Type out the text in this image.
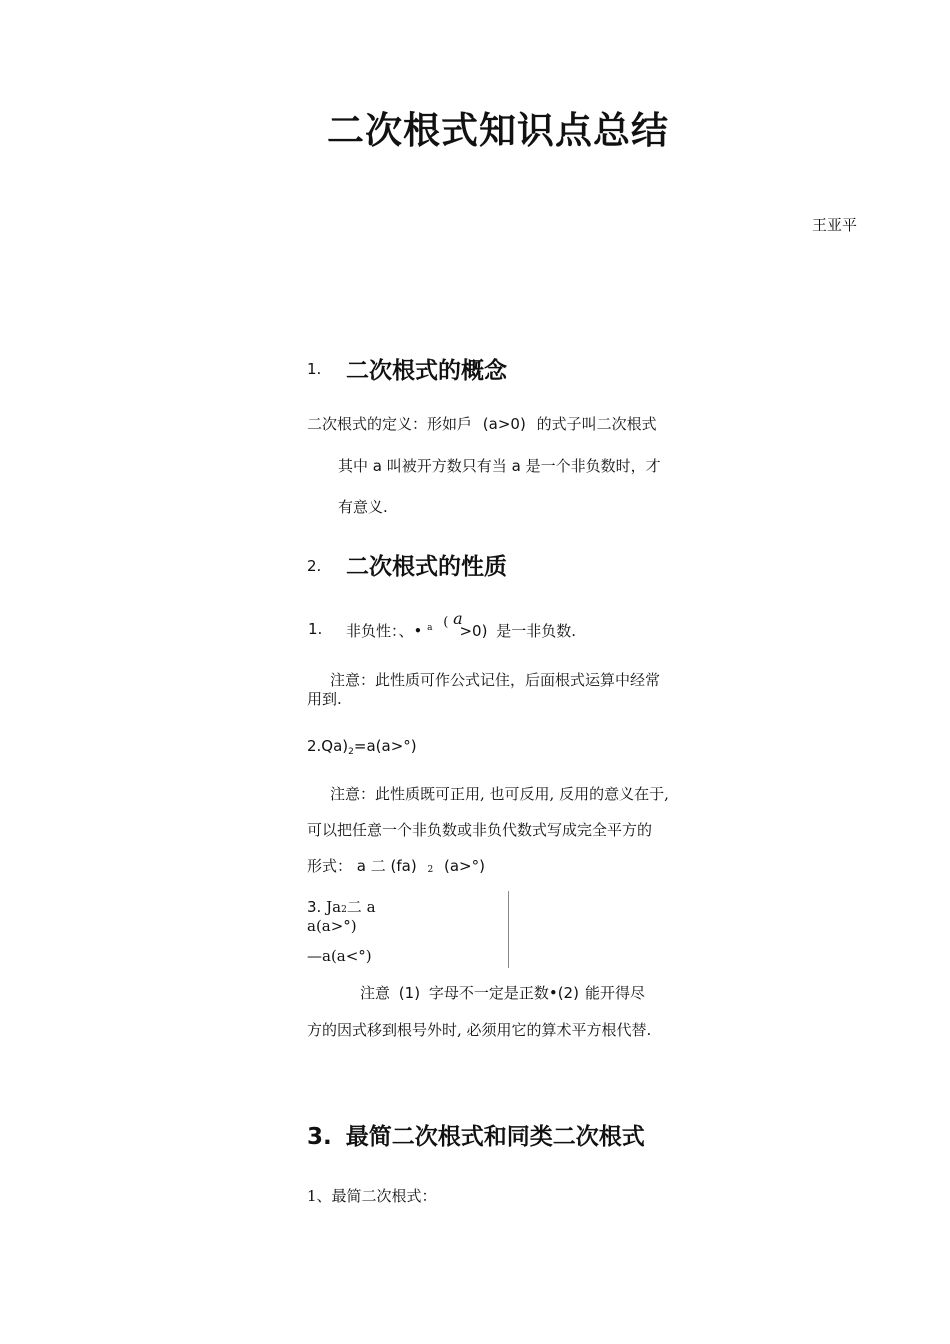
二次根式知识点总结
王亚平
1. 二次根式的概念
二次根式的定义：形如戶 (a>0) 的式子叫二次根式
其中 a 叫被开方数只有当 a 是一个非负数时，才
有意义.
2. 二次根式的性质
1. 非负性：、• $^a$ ( a >0) 是一非负数.
注意：此性质可作公式记住，后面根式运算中经常
用到.
$2.Qa)_2=a(a>^\circ)$
注意：此性质既可正用, 也可反用, 反用的意义在于,
可以把任意一个非负数或非负代数式写成完全平方的
形式： a 二 (fa) 2 (a>°)
3. Ja2二 a
a(a>°)
—a(a<°)
注意 (1) 字母不一定是正数•(2) 能开得尽
方的因式移到根号外时, 必须用它的算术平方根代替.
3. 最简二次根式和同类二次根式
1、最简二次根式：
